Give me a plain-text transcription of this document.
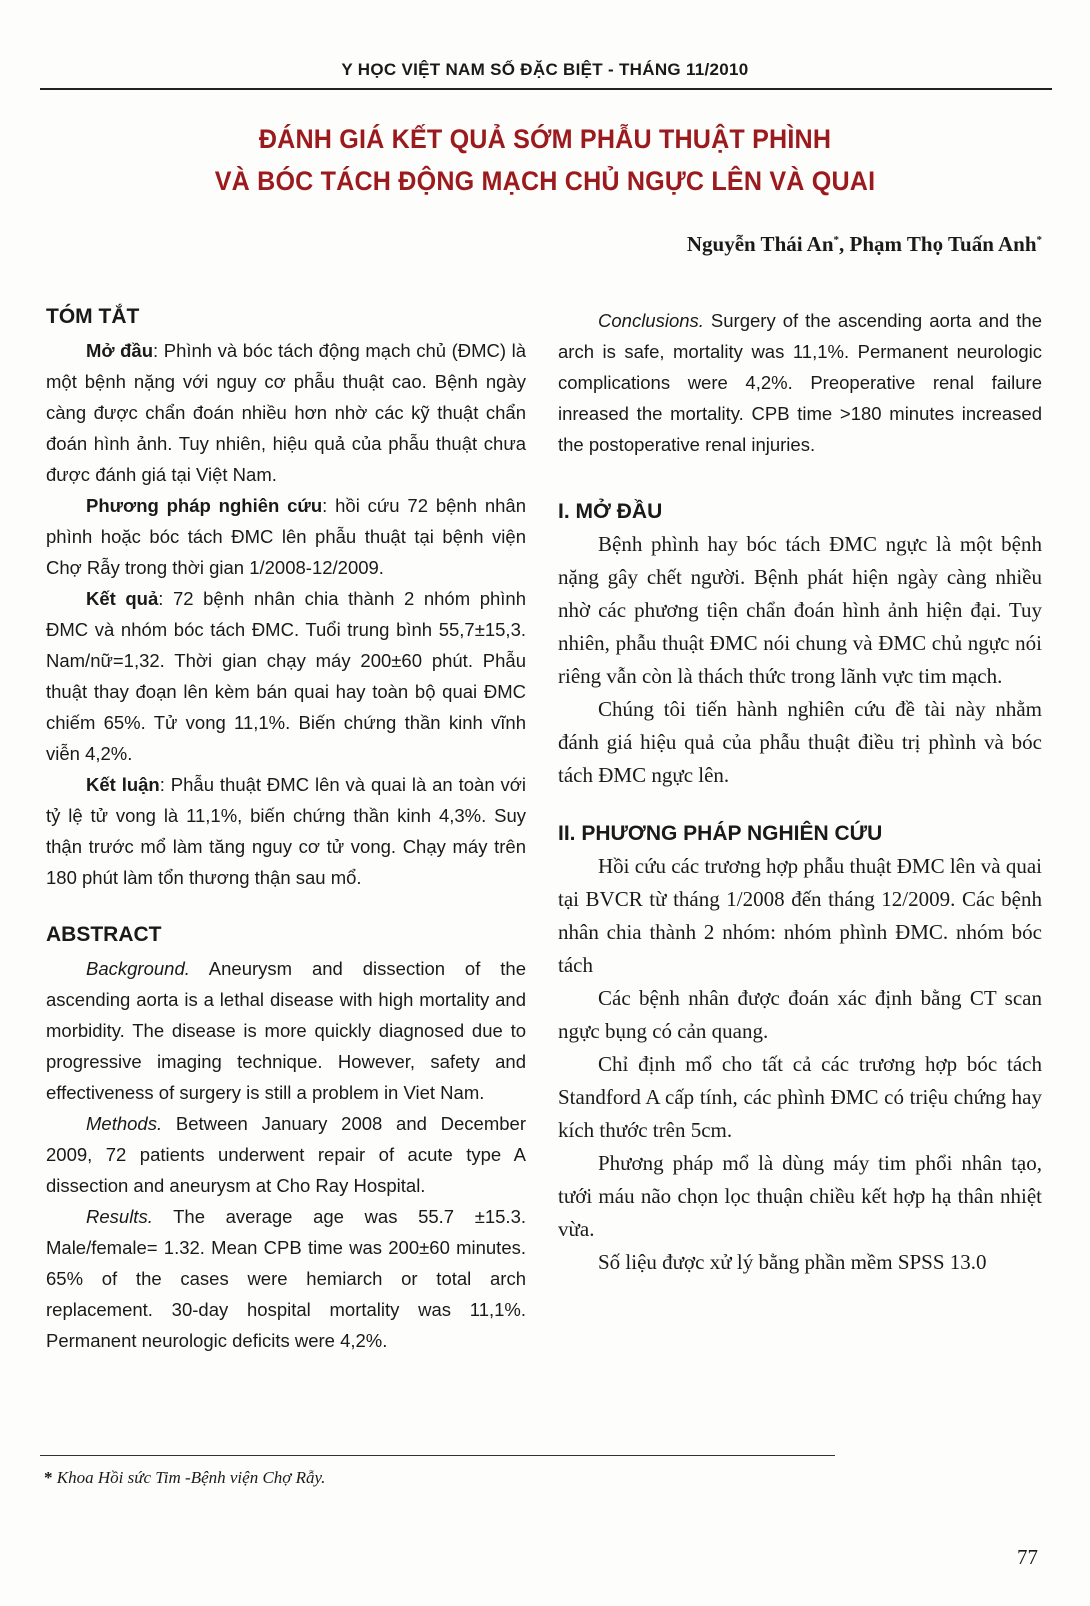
Y HỌC VIỆT NAM SỐ ĐẶC BIỆT - THÁNG 11/2010
ĐÁNH GIÁ KẾT QUẢ SỚM PHẪU THUẬT PHÌNH
VÀ BÓC TÁCH ĐỘNG MẠCH CHỦ NGỰC LÊN VÀ QUAI
Nguyễn Thái An*, Phạm Thọ Tuấn Anh*
TÓM TẮT

Mở đầu: Phình và bóc tách động mạch chủ (ĐMC) là một bệnh nặng với nguy cơ phẫu thuật cao. Bệnh ngày càng được chẩn đoán nhiều hơn nhờ các kỹ thuật chẩn đoán hình ảnh. Tuy nhiên, hiệu quả của phẫu thuật chưa được đánh giá tại Việt Nam.

Phương pháp nghiên cứu: hồi cứu 72 bệnh nhân phình hoặc bóc tách ĐMC lên phẫu thuật tại bệnh viện Chợ Rẫy trong thời gian 1/2008-12/2009.

Kết quả: 72 bệnh nhân chia thành 2 nhóm phình ĐMC và nhóm bóc tách ĐMC. Tuổi trung bình 55,7±15,3. Nam/nữ=1,32. Thời gian chạy máy 200±60 phút. Phẫu thuật thay đoạn lên kèm bán quai hay toàn bộ quai ĐMC chiếm 65%. Tử vong 11,1%. Biến chứng thần kinh vĩnh viễn 4,2%.

Kết luận: Phẫu thuật ĐMC lên và quai là an toàn với tỷ lệ tử vong là 11,1%, biến chứng thần kinh 4,3%. Suy thận trước mổ làm tăng nguy cơ tử vong. Chạy máy trên 180 phút làm tổn thương thận sau mổ.

ABSTRACT

Background. Aneurysm and dissection of the ascending aorta is a lethal disease with high mortality and morbidity. The disease is more quickly diagnosed due to progressive imaging technique. However, safety and effectiveness of surgery is still a problem in Viet Nam.

Methods. Between January 2008 and December 2009, 72 patients underwent repair of acute type A dissection and aneurysm at Cho Ray Hospital.

Results. The average age was 55.7 ±15.3. Male/female= 1.32. Mean CPB time was 200±60 minutes. 65% of the cases were hemiarch or total arch replacement. 30-day hospital mortality was 11,1%. Permanent neurologic deficits were 4,2%.

Conclusions. Surgery of the ascending aorta and the arch is safe, mortality was 11,1%. Permanent neurologic complications were 4,2%. Preoperative renal failure inreased the mortality. CPB time >180 minutes increased the postoperative renal injuries.

I. MỞ ĐẦU

Bệnh phình hay bóc tách ĐMC ngực là một bệnh nặng gây chết người. Bệnh phát hiện ngày càng nhiều nhờ các phương tiện chẩn đoán hình ảnh hiện đại. Tuy nhiên, phẫu thuật ĐMC nói chung và ĐMC chủ ngực nói riêng vẫn còn là thách thức trong lãnh vực tim mạch.

Chúng tôi tiến hành nghiên cứu đề tài này nhằm đánh giá hiệu quả của phẫu thuật điều trị phình và bóc tách ĐMC ngực lên.

II. PHƯƠNG PHÁP NGHIÊN CỨU

Hồi cứu các trương hợp phẫu thuật ĐMC lên và quai tại BVCR từ tháng 1/2008 đến tháng 12/2009. Các bệnh nhân chia thành 2 nhóm: nhóm phình ĐMC. nhóm bóc tách

Các bệnh nhân được đoán xác định bằng CT scan ngực bụng có cản quang.

Chỉ định mổ cho tất cả các trương hợp bóc tách Standford A cấp tính, các phình ĐMC có triệu chứng hay kích thước trên 5cm.

Phương pháp mổ là dùng máy tim phổi nhân tạo, tưới máu não chọn lọc thuận chiều kết hợp hạ thân nhiệt vừa.

Số liệu được xử lý bằng phần mềm SPSS 13.0

* Khoa Hồi sức Tim -Bệnh viện Chợ Rẫy.
77
